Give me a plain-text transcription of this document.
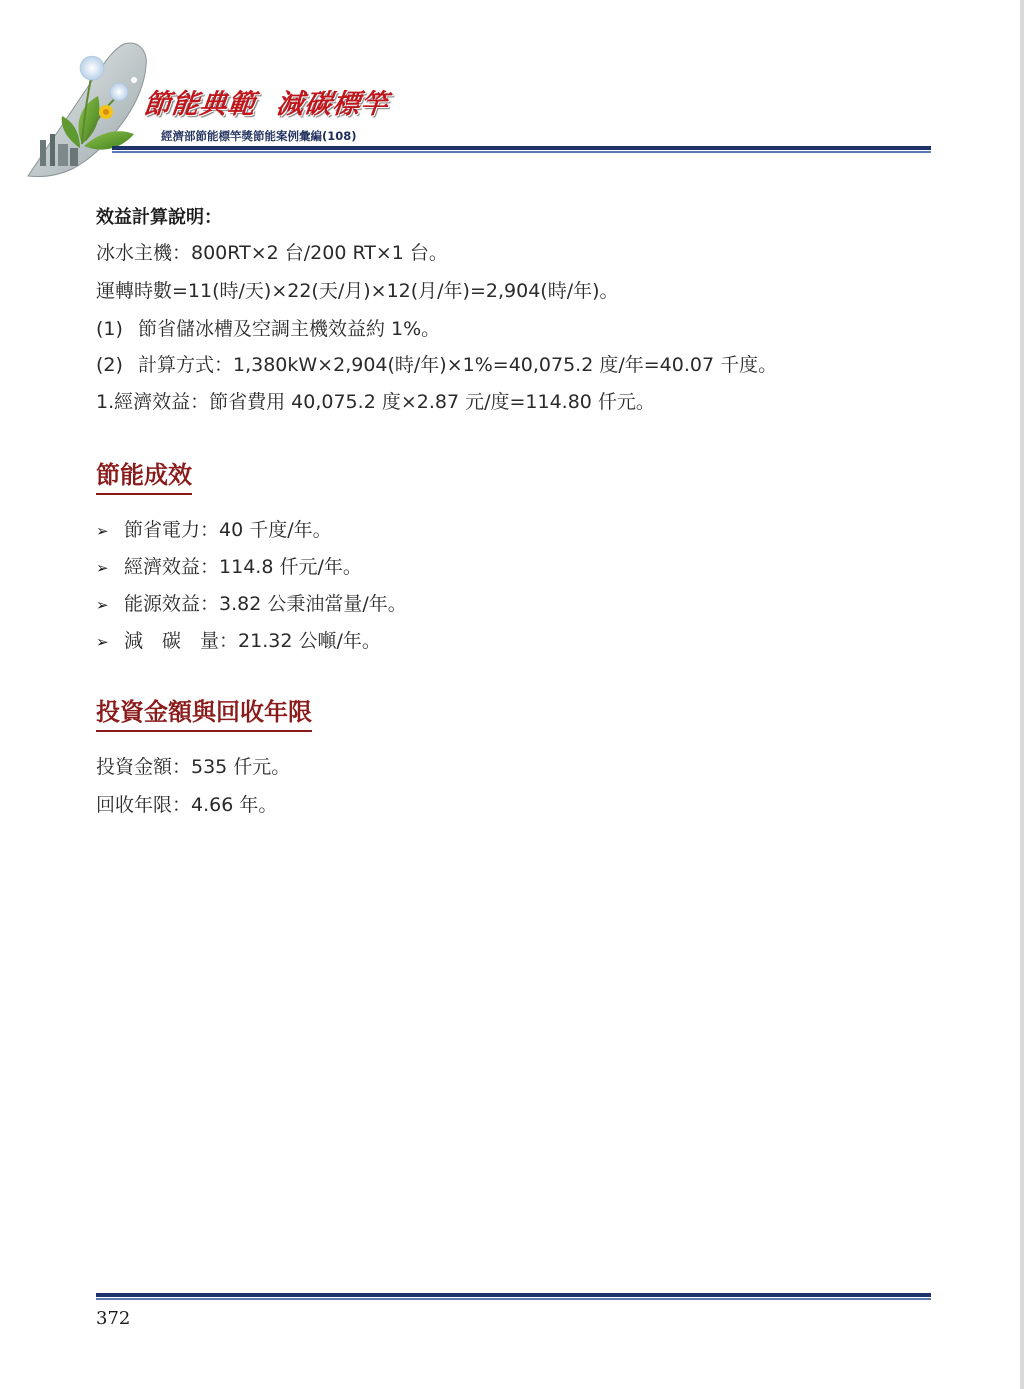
節能典範  減碳標竿
經濟部節能標竿獎節能案例彙編(108)
效益計算說明：
冰水主機：800RT×2 台/200 RT×1 台。
運轉時數=11(時/天)×22(天/月)×12(月/年)=2,904(時/年)。
(1) 節省儲冰槽及空調主機效益約 1%。
(2) 計算方式：1,380kW×2,904(時/年)×1%=40,075.2 度/年=40.07 千度。
1.經濟效益：節省費用 40,075.2 度×2.87 元/度=114.80 仟元。
節能成效
➢ 節省電力：40 千度/年。
➢ 經濟效益：114.8 仟元/年。
➢ 能源效益：3.82 公秉油當量/年。
➢ 減　碳　量：21.32 公噸/年。
投資金額與回收年限
投資金額：535 仟元。
回收年限：4.66 年。
372
